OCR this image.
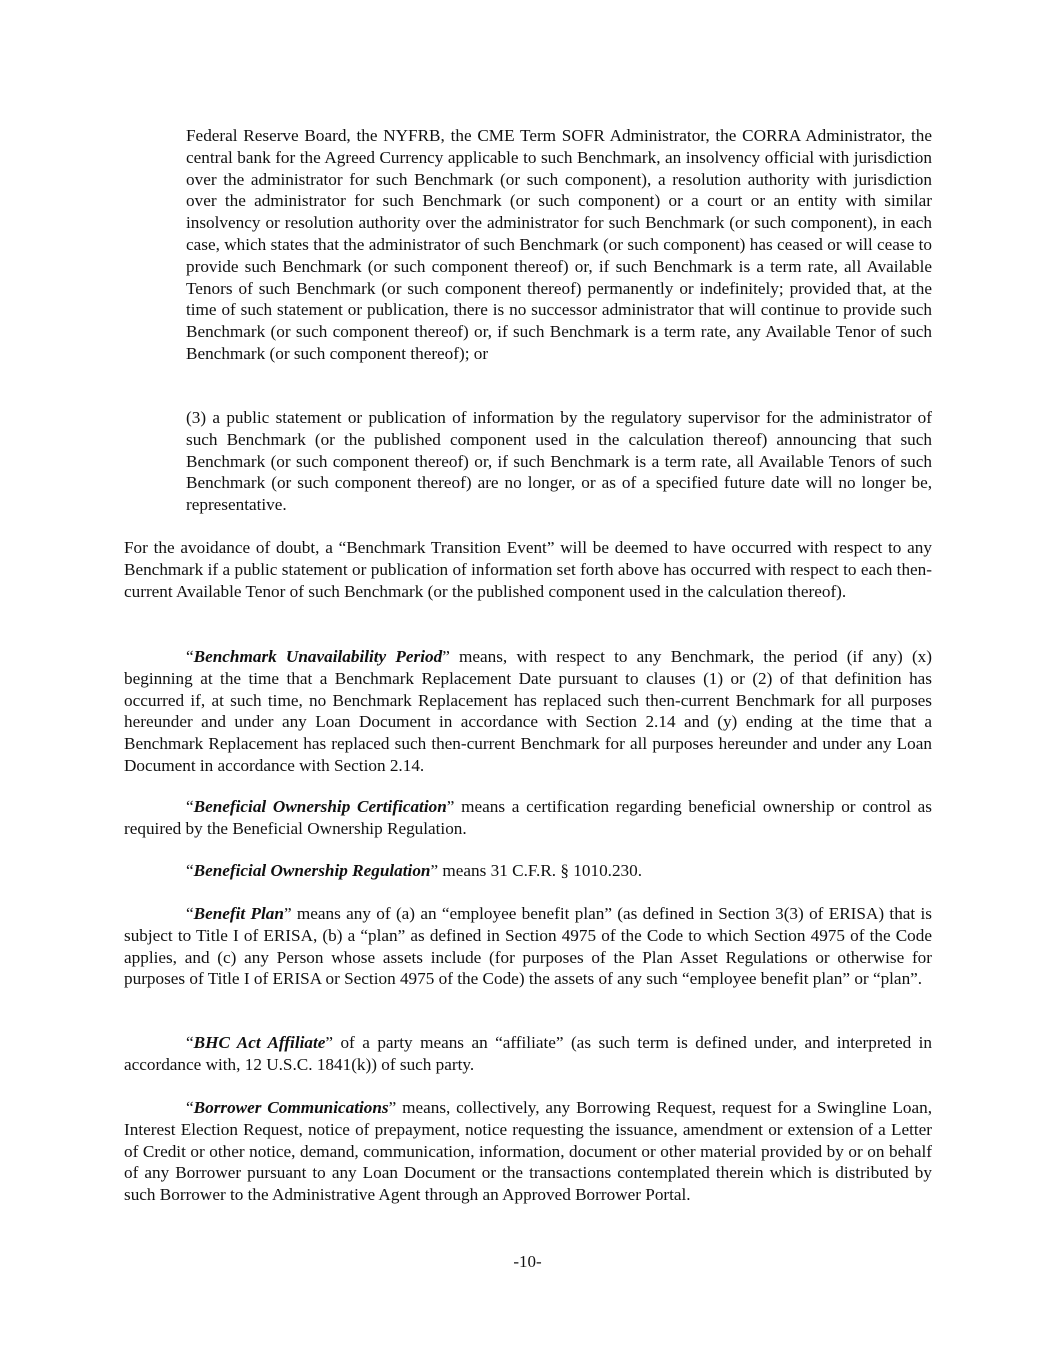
Federal Reserve Board, the NYFRB, the CME Term SOFR Administrator, the CORRA Administrator, the central bank for the Agreed Currency applicable to such Benchmark, an insolvency official with jurisdiction over the administrator for such Benchmark (or such component), a resolution authority with jurisdiction over the administrator for such Benchmark (or such component) or a court or an entity with similar insolvency or resolution authority over the administrator for such Benchmark (or such component), in each case, which states that the administrator of such Benchmark (or such component) has ceased or will cease to provide such Benchmark (or such component thereof) or, if such Benchmark is a term rate, all Available Tenors of such Benchmark (or such component thereof) permanently or indefinitely; provided that, at the time of such statement or publication, there is no successor administrator that will continue to provide such Benchmark (or such component thereof) or, if such Benchmark is a term rate, any Available Tenor of such Benchmark (or such component thereof); or

(3) a public statement or publication of information by the regulatory supervisor for the administrator of such Benchmark (or the published component used in the calculation thereof) announcing that such Benchmark (or such component thereof) or, if such Benchmark is a term rate, all Available Tenors of such Benchmark (or such component thereof) are no longer, or as of a specified future date will no longer be, representative.

For the avoidance of doubt, a “Benchmark Transition Event” will be deemed to have occurred with respect to any Benchmark if a public statement or publication of information set forth above has occurred with respect to each then-current Available Tenor of such Benchmark (or the published component used in the calculation thereof).

“Benchmark Unavailability Period” means, with respect to any Benchmark, the period (if any) (x) beginning at the time that a Benchmark Replacement Date pursuant to clauses (1) or (2) of that definition has occurred if, at such time, no Benchmark Replacement has replaced such then-current Benchmark for all purposes hereunder and under any Loan Document in accordance with Section 2.14 and (y) ending at the time that a Benchmark Replacement has replaced such then-current Benchmark for all purposes hereunder and under any Loan Document in accordance with Section 2.14.

“Beneficial Ownership Certification” means a certification regarding beneficial ownership or control as required by the Beneficial Ownership Regulation.

“Beneficial Ownership Regulation” means 31 C.F.R. § 1010.230.

“Benefit Plan” means any of (a) an “employee benefit plan” (as defined in Section 3(3) of ERISA) that is subject to Title I of ERISA, (b) a “plan” as defined in Section 4975 of the Code to which Section 4975 of the Code applies, and (c) any Person whose assets include (for purposes of the Plan Asset Regulations or otherwise for purposes of Title I of ERISA or Section 4975 of the Code) the assets of any such “employee benefit plan” or “plan”.

“BHC Act Affiliate” of a party means an “affiliate” (as such term is defined under, and interpreted in accordance with, 12 U.S.C. 1841(k)) of such party.

“Borrower Communications” means, collectively, any Borrowing Request, request for a Swingline Loan, Interest Election Request, notice of prepayment, notice requesting the issuance, amendment or extension of a Letter of Credit or other notice, demand, communication, information, document or other material provided by or on behalf of any Borrower pursuant to any Loan Document or the transactions contemplated therein which is distributed by such Borrower to the Administrative Agent through an Approved Borrower Portal.

-10-
